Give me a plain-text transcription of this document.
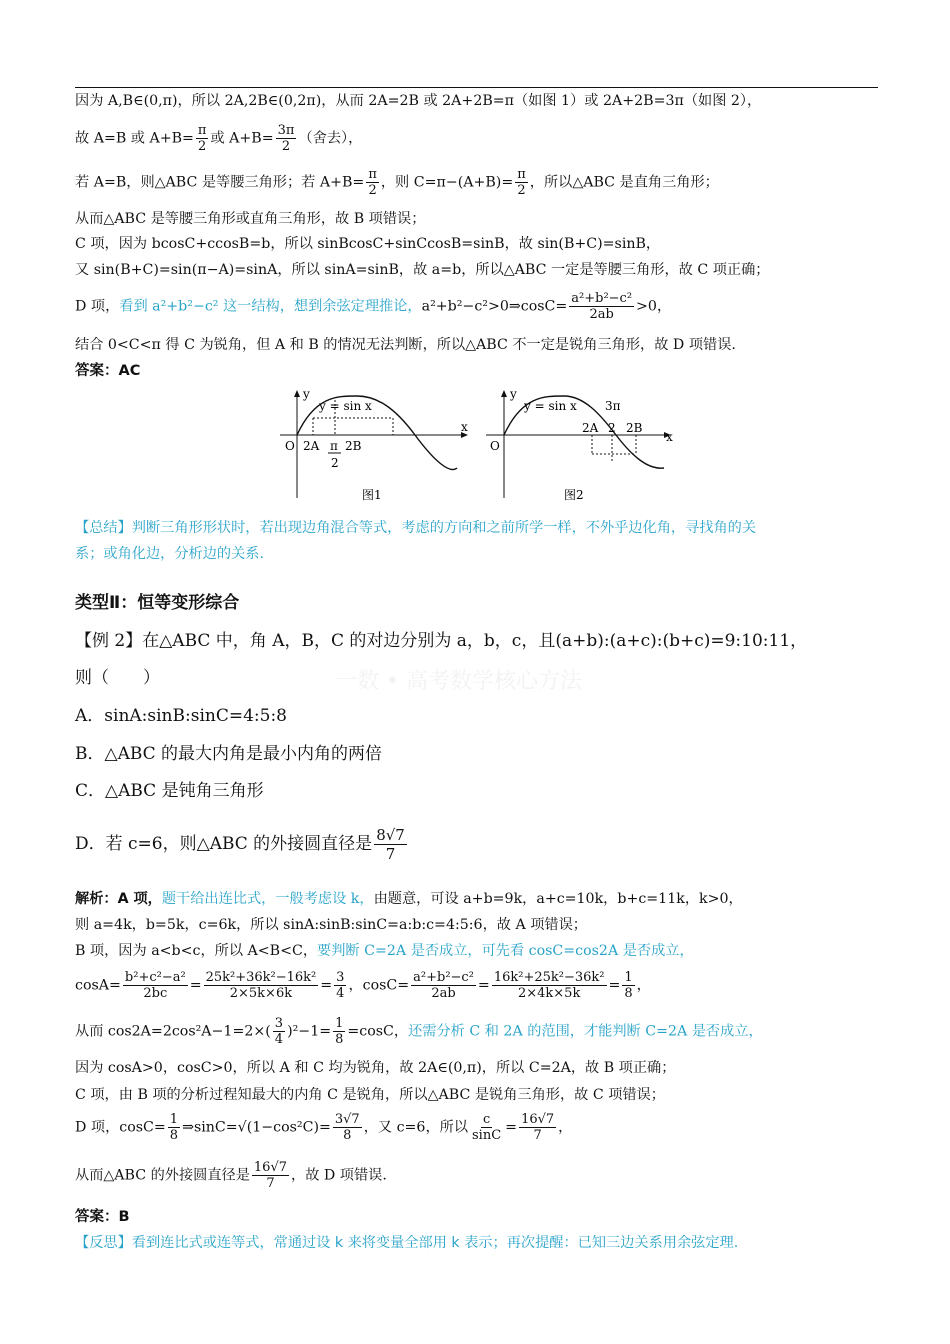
一数 • 高考数学核心方法
因为 A,B∈(0,π)，所以 2A,2B∈(0,2π)，从而 2A=2B 或 2A+2B=π（如图 1）或 2A+2B=3π（如图 2），
故 A=B 或 $A+B= \frac{\pi}{2}$ 或 $A+B= \frac{3\pi}{2}$ （舍去），
若 A=B，则△ABC 是等腰三角形；若 $A+B= \frac{\pi}{2}$ ，则 $C=\pi-(A+B)= \frac{\pi}{2}$ ，所以△ABC 是直角三角形；
从而△ABC 是等腰三角形或直角三角形，故 B 项错误；
C 项，因为 bcosC+ccosB=b，所以 sinBcosC+sinCcosB=sinB，故 sin(B+C)=sinB，
又 sin(B+C)=sin(π−A)=sinA，所以 sinA=sinB，故 a=b，所以△ABC 一定是等腰三角形，故 C 项正确；
D 项，看到 a²+b²−c² 这一结构，想到余弦定理推论，a²+b²−c²>0⇒cosC= $\frac{\text{a²+b²−c²}}{2ab} >0$，
结合 0<C<π 得 C 为锐角，但 A 和 B 的情况无法判断，所以△ABC 不一定是锐角三角形，故 D 项错误.
答案：AC
y
y = sin x
x
O 2A π
2
2B
图1
y
y = sin x
x
O
3π
2A 2 2B
图2
【总结】判断三角形形状时，若出现边角混合等式，考虑的方向和之前所学一样，不外乎边化角，寻找角的关
系；或角化边，分析边的关系.
类型Ⅱ：恒等变形综合
【例 2】在△ABC 中，角 A，B，C 的对边分别为 a，b，c，且(a+b):(a+c):(b+c)=9:10:11，
则（　　）
A．sinA:sinB:sinC=4:5:8
B．△ABC 的最大内角是最小内角的两倍
C．△ABC 是钝角三角形
D．若 c=6，则△ABC 的外接圆直径是 $\frac{8√7}{7}$
解析：A 项，题干给出连比式，一般考虑设 k，由题意，可设 a+b=9k，a+c=10k，b+c=11k，k>0，
则 a=4k，b=5k，c=6k，所以 sinA:sinB:sinC=a:b:c=4:5:6，故 A 项错误；
B 项，因为 a<b<c，所以 A<B<C，要判断 C=2A 是否成立，可先看 cosC=cos2A 是否成立，
$\cos A= \frac{\text{b²+c²−a²}}{2bc} = \frac{\text{25k²+36k²−16k²}}{2\times 5k\times 6k} = \frac{3}{4}$ ，$\cos C= \frac{\text{a²+b²−c²}}{2ab} = \frac{\text{16k²+25k²−36k²}}{2\times 4k\times 5k} = \frac{1}{8}$ ，
从而 $\cos 2A=2\cos^2A-1=2\times( \frac{3}{4} )^2-1= \frac{1}{8} =\cos C$，还需分析 C 和 2A 的范围，才能判断 C=2A 是否成立，
因为 cosA>0，cosC>0，所以 A 和 C 均为锐角，故 2A∈(0,π)，所以 C=2A，故 B 项正确；
C 项，由 B 项的分析过程知最大的内角 C 是锐角，所以△ABC 是锐角三角形，故 C 项错误；
D 项，$\cos C= \frac{1}{8}$ ⇒sinC=√(1−cos²C)= $\frac{3√7}{8}$ ，又 c=6，所以 $\frac{c}{\sin C} = \frac{16√7}{7}$ ，
从而△ABC 的外接圆直径是 $\frac{16√7}{7}$ ，故 D 项错误.
答案：B
【反思】看到连比式或连等式，常通过设 k 来将变量全部用 k 表示；再次提醒：已知三边关系用余弦定理.
